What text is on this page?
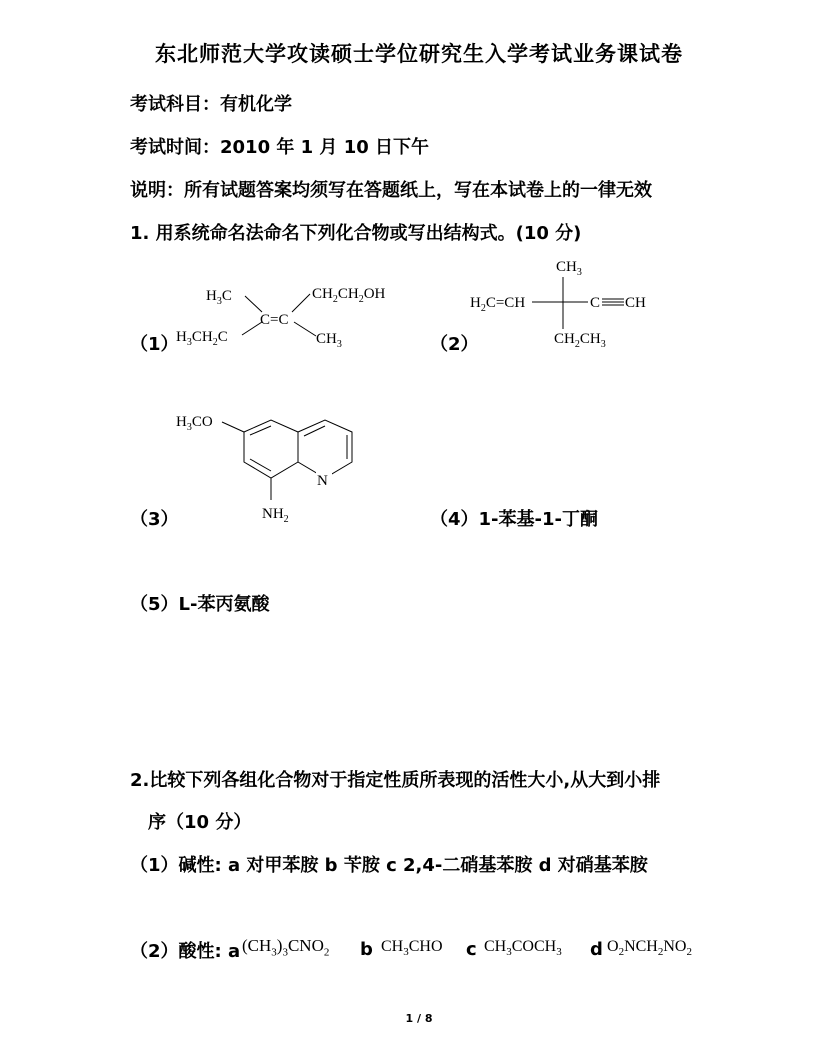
东北师范大学攻读硕士学位研究生入学考试业务课试卷
考试科目：有机化学
考试时间：2010 年 1 月 10 日下午
说明：所有试题答案均须写在答题纸上，写在本试卷上的一律无效
1. 用系统命名法命名下列化合物或写出结构式。(10 分)
（1）	（2）
（3）	（4）1-苯基-1-丁酮
（5）L-苯丙氨酸
$H_3C$	$CH_2CH_2OH$
C=C
$H_3CH_2C$	$CH_3$
$CH_3$
$H_2C=CH$	C CH
$CH_2CH_3$
$H_3CO$
N
$NH_2$
2.比较下列各组化合物对于指定性质所表现的活性大小,从大到小排
序（10 分）
（1）碱性: a 对甲苯胺 b 苄胺 c 2,4-二硝基苯胺 d 对硝基苯胺
（2）酸性: a $(CH_3)_3CNO_2$ b $CH_3CHO$ c $CH_3COCH_3$ d $O_2NCH_2NO_2$
1 / 8
